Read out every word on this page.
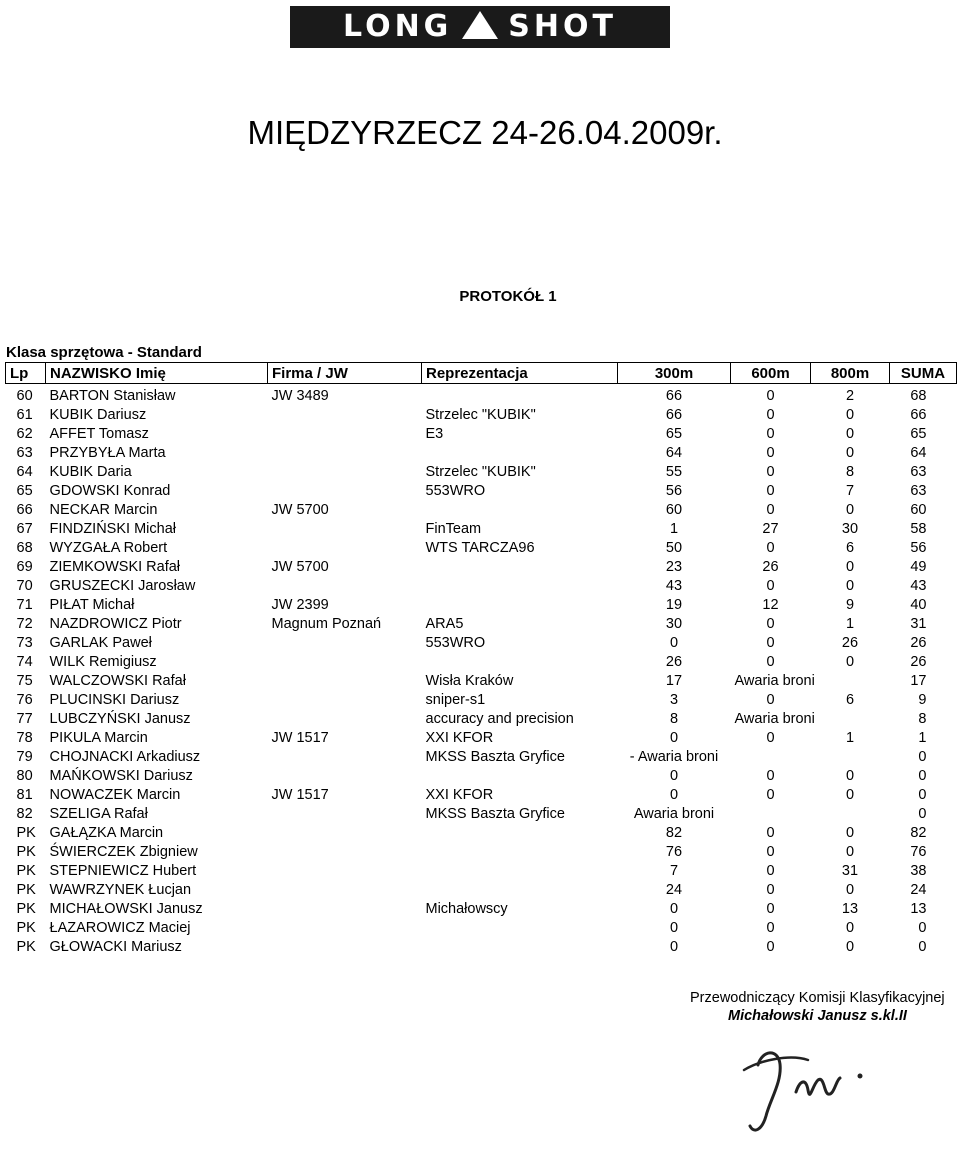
LONG SHOT
MIĘDZYRZECZ 24-26.04.2009r.
PROTOKÓŁ 1
Klasa sprzętowa - Standard
Lp	NAZWISKO Imię	Firma / JW	Reprezentacja	300m	600m	800m	SUMA
60	BARTON Stanisław	JW 3489		66	0	2	68
61	KUBIK Dariusz		Strzelec "KUBIK"	66	0	0	66
62	AFFET Tomasz		E3	65	0	0	65
63	PRZYBYŁA Marta			64	0	0	64
64	KUBIK Daria		Strzelec "KUBIK"	55	0	8	63
65	GDOWSKI Konrad		553WRO	56	0	7	63
66	NECKAR Marcin	JW 5700		60	0	0	60
67	FINDZIŃSKI Michał		FinTeam	1	27	30	58
68	WYZGAŁA Robert		WTS TARCZA96	50	0	6	56
69	ZIEMKOWSKI Rafał	JW 5700		23	26	0	49
70	GRUSZECKI Jarosław			43	0	0	43
71	PIŁAT Michał	JW 2399		19	12	9	40
72	NAZDROWICZ Piotr	Magnum Poznań	ARA5	30	0	1	31
73	GARLAK Paweł		553WRO	0	0	26	26
74	WILK Remigiusz			26	0	0	26
75	WALCZOWSKI Rafał		Wisła Kraków	17	Awaria broni		17
76	PLUCINSKI Dariusz		sniper-s1	3	0	6	9
77	LUBCZYŃSKI Janusz		accuracy and precision	8	Awaria broni		8
78	PIKULA Marcin	JW 1517	XXI KFOR	0	0	1	1
79	CHOJNACKI Arkadiusz		MKSS Baszta Gryfice	- Awaria broni			0
80	MAŃKOWSKI Dariusz			0	0	0	0
81	NOWACZEK Marcin	JW 1517	XXI KFOR	0	0	0	0
82	SZELIGA Rafał		MKSS Baszta Gryfice	Awaria broni			0
PK	GAŁĄZKA Marcin			82	0	0	82
PK	ŚWIERCZEK Zbigniew			76	0	0	76
PK	STEPNIEWICZ Hubert			7	0	31	38
PK	WAWRZYNEK Łucjan			24	0	0	24
PK	MICHAŁOWSKI Janusz		Michałowscy	0	0	13	13
PK	ŁAZAROWICZ Maciej			0	0	0	0
PK	GŁOWACKI Mariusz			0	0	0	0
Przewodniczący Komisji Klasyfikacyjnej
Michałowski Janusz s.kl.II
